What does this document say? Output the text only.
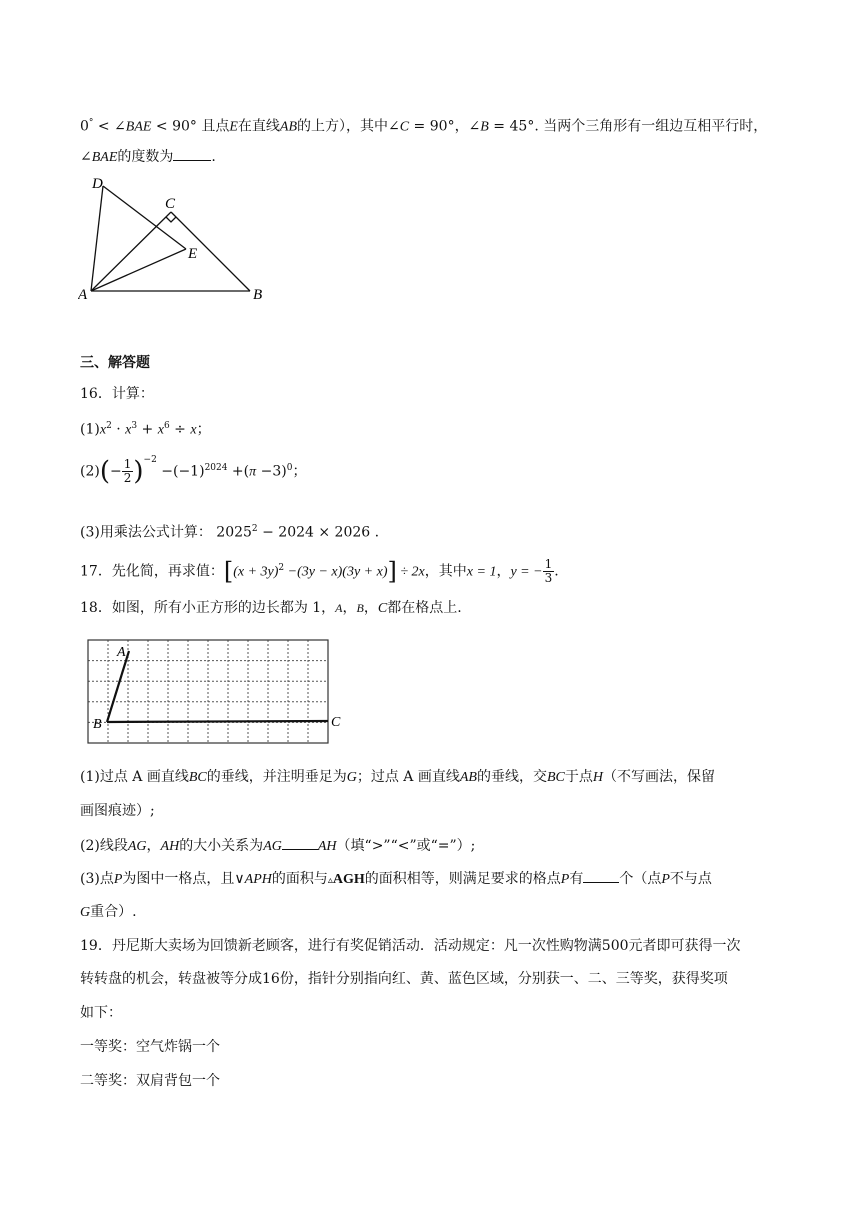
0° < ∠BAE < 90° 且点E在直线AB的上方），其中∠C = 90°，∠B = 45°. 当两个三角形有一组边互相平行时，
∠BAE的度数为	.
D
C
E
A	B
三、解答题
16．计算：
$(1)x^2 \cdot x^3 + x^6 \div x$；
$(2)(- \frac{1}{2} )^{-2} -(-1)^{2024} +(\pi -3)^0$；
(3)用乘法公式计算： $2025^2 - 2024 \times 2026$ .
17．先化简，再求值：$[(x + 3y)^2 -(3y - x)(3y + x)] \div 2x$，其中x = 1，y = − $\frac{1}{3}$ .
18．如图，所有小正方形的边长都为 1，A，B，C都在格点上.
A
B	C
(1)过点 A 画直线BC的垂线，并注明垂足为G；过点 A 画直线AB的垂线，交BC于点H（不写画法，保留
画图痕迹）;
(2)线段AG，AH的大小关系为AG	AH（填“>”“<”或“=”）;
(3)点P为图中一格点，且∨APH的面积与▵AGH的面积相等，则满足要求的格点P有	个（点P不与点
G重合）.
19．丹尼斯大卖场为回馈新老顾客，进行有奖促销活动．活动规定：凡一次性购物满500元者即可获得一次
转转盘的机会，转盘被等分成16份，指针分别指向红、黄、蓝色区域，分别获一、二、三等奖，获得奖项
如下：
一等奖：空气炸锅一个
二等奖：双肩背包一个
